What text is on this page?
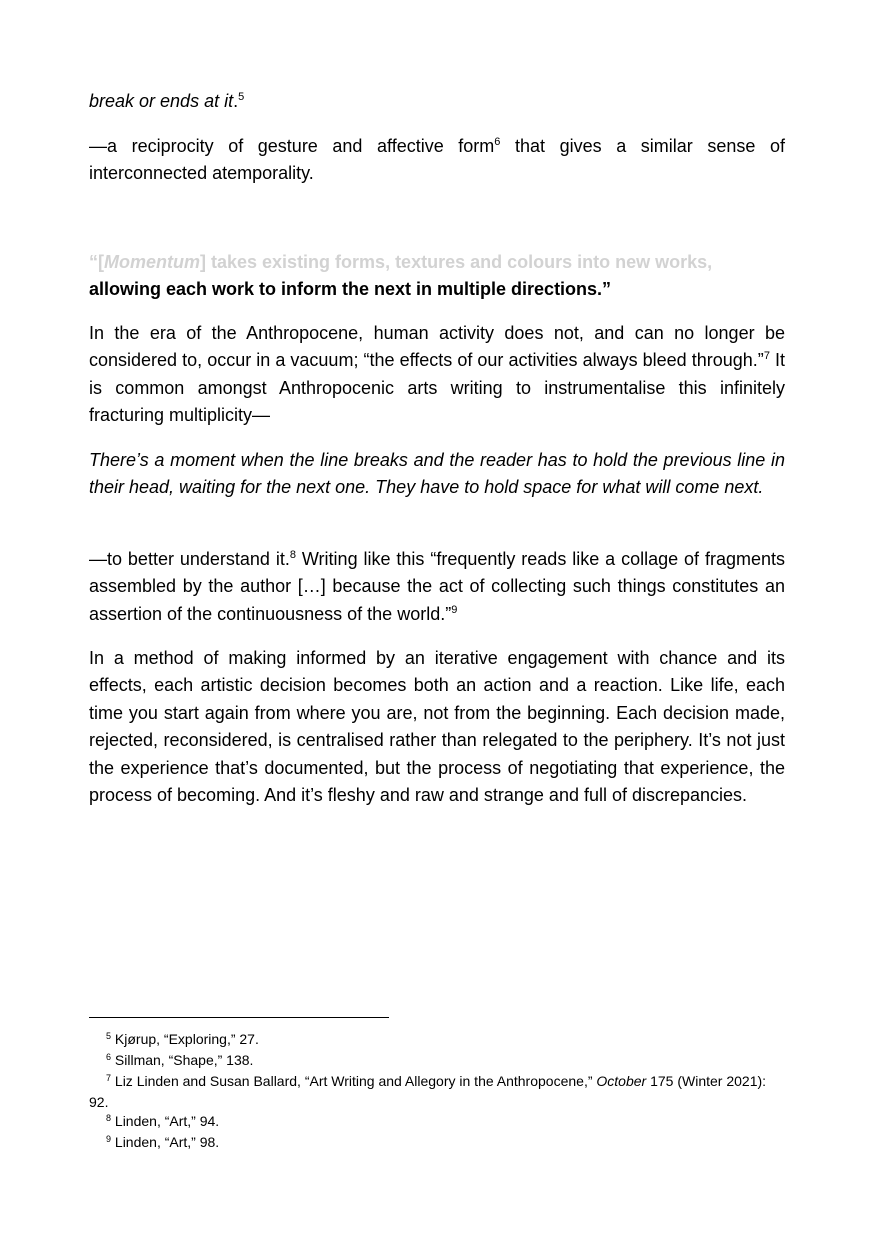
break or ends at it.$^5$

—a reciprocity of gesture and affective form$^6$ that gives a similar sense of interconnected atemporality.

“[Momentum] takes existing forms, textures and colours into new works,
allowing each work to inform the next in multiple directions.”

In the era of the Anthropocene, human activity does not, and can no longer be considered to, occur in a vacuum; “the effects of our activities always bleed through.”$^7$ It is common amongst Anthropocenic arts writing to instrumentalise this infinitely fracturing multiplicity—

There’s a moment when the line breaks and the reader has to hold the previous line in their head, waiting for the next one. They have to hold space for what will come next.

—to better understand it.$^8$ Writing like this “frequently reads like a collage of fragments assembled by the author […] because the act of collecting such things constitutes an assertion of the continuousness of the world.”$^9$

In a method of making informed by an iterative engagement with chance and its effects, each artistic decision becomes both an action and a reaction. Like life, each time you start again from where you are, not from the beginning. Each decision made, rejected, reconsidered, is centralised rather than relegated to the periphery. It’s not just the experience that’s documented, but the process of negotiating that experience, the process of becoming. And it’s fleshy and raw and strange and full of discrepancies.

$^5$ Kjørup, “Exploring,” 27.

$^6$ Sillman, “Shape,” 138.

$^7$ Liz Linden and Susan Ballard, “Art Writing and Allegory in the Anthropocene,” October 175 (Winter 2021): 92.

$^8$ Linden, “Art,” 94.

$^9$ Linden, “Art,” 98.
